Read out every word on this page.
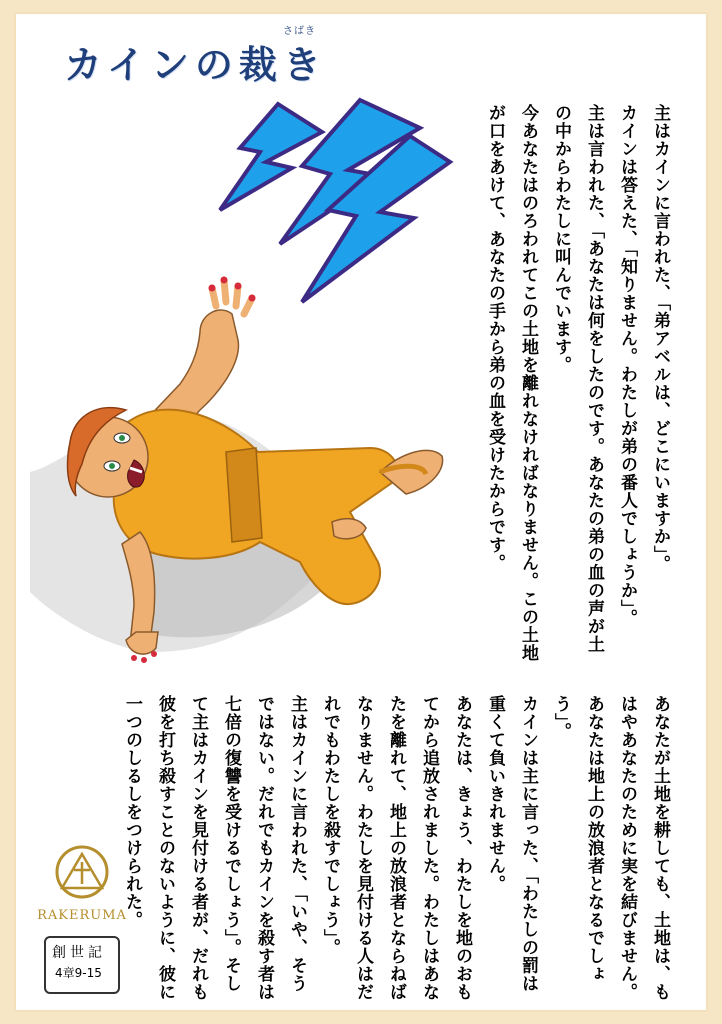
カインの裁き
さばき

主はカインに言われた、「弟アベルは、どこにいますか」。

カインは答えた、「知りません。わたしが弟の番人でしょうか」。

主は言われた、「あなたは何をしたのです。あなたの弟の血の声が土の中からわたしに叫んでいます。

今あなたはのろわれてこの土地を離れなければなりません。この土地が口をあけて、あなたの手から弟の血を受けたからです。

あなたが土地を耕しても、土地は、もはやあなたのために実を結びません。あなたは地上の放浪者となるでしょう」。

カインは主に言った、「わたしの罰は重くて負いきれません。

あなたは、きょう、わたしを地のおもてから追放されました。わたしはあなたを離れて、地上の放浪者とならねばなりません。わたしを見付ける人はだれでもわたしを殺すでしょう」。

主はカインに言われた、「いや、そうではない。だれでもカインを殺す者は七倍の復讐を受けるでしょう」。そして主はカインを見付ける者が、だれも彼を打ち殺すことのないように、彼に一つのしるしをつけられた。

RAKERUMA
創世記
4章9-15
